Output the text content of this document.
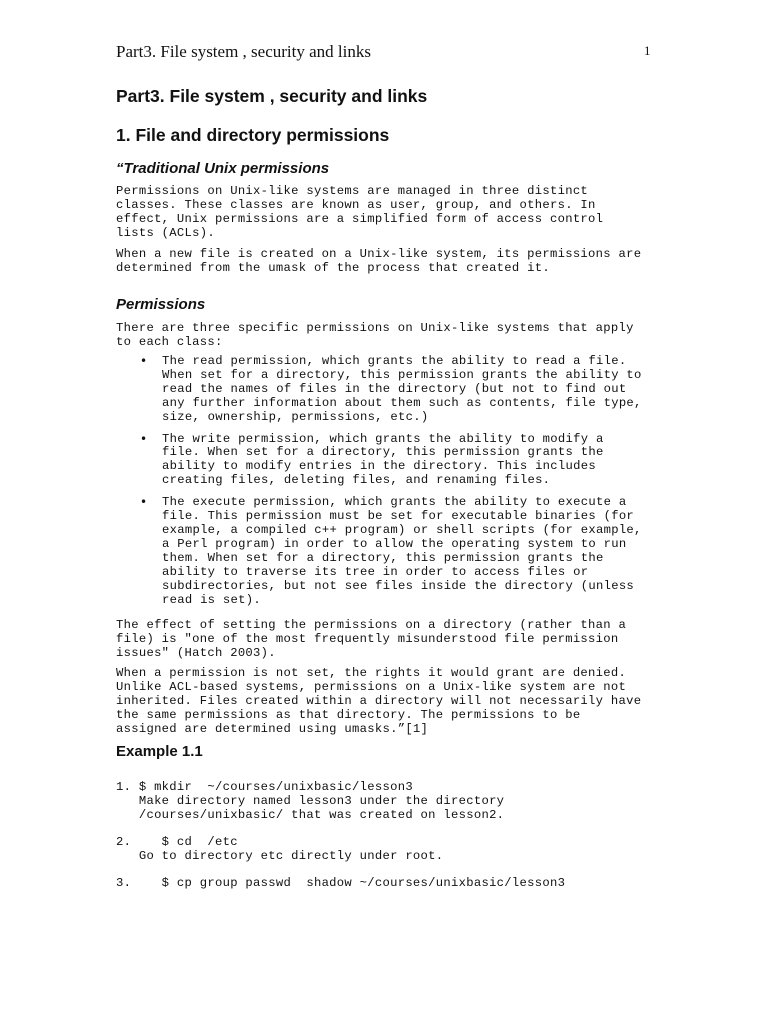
Part3. File system , security and links	1
Part3. File system , security and links
1. File and directory permissions
“Traditional Unix permissions

Permissions on Unix-like systems are managed in three distinct
classes. These classes are known as user, group, and others. In
effect, Unix permissions are a simplified form of access control
lists (ACLs).

When a new file is created on a Unix-like system, its permissions are
determined from the umask of the process that created it.

Permissions

There are three specific permissions on Unix-like systems that apply
to each class:

• The read permission, which grants the ability to read a file.
When set for a directory, this permission grants the ability to
read the names of files in the directory (but not to find out
any further information about them such as contents, file type,
size, ownership, permissions, etc.)
• The write permission, which grants the ability to modify a
file. When set for a directory, this permission grants the
ability to modify entries in the directory. This includes
creating files, deleting files, and renaming files.
• The execute permission, which grants the ability to execute a
file. This permission must be set for executable binaries (for
example, a compiled c++ program) or shell scripts (for example,
a Perl program) in order to allow the operating system to run
them. When set for a directory, this permission grants the
ability to traverse its tree in order to access files or
subdirectories, but not see files inside the directory (unless
read is set).

The effect of setting the permissions on a directory (rather than a
file) is "one of the most frequently misunderstood file permission
issues" (Hatch 2003).

When a permission is not set, the rights it would grant are denied.
Unlike ACL-based systems, permissions on a Unix-like system are not
inherited. Files created within a directory will not necessarily have
the same permissions as that directory. The permissions to be
assigned are determined using umasks.”[1]

Example 1.1
1. $ mkdir  ~/courses/unixbasic/lesson3
Make directory named lesson3 under the directory
/courses/unixbasic/ that was created on lesson2.
2.    $ cd  /etc
Go to directory etc directly under root.
3.    $ cp group passwd  shadow ~/courses/unixbasic/lesson3
